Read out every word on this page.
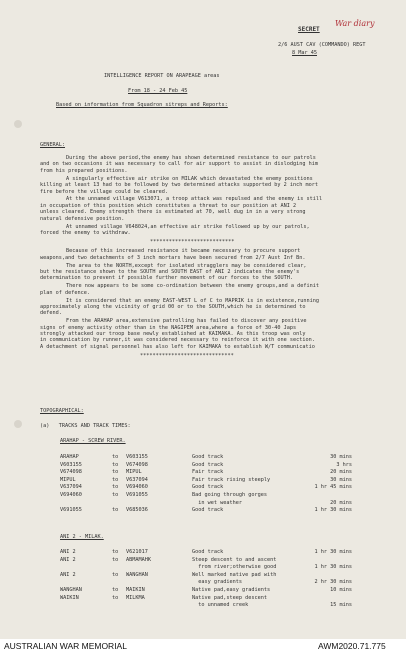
SECRET
War diary
2/6 AUST CAV (COMMANDO) REGT
8 Mar 45
INTELLIGENCE REPORT ON ARAPEAGE areas
From 18 - 24 Feb 45
Based on information from Squadron sitreps and Reports:
GENERAL:
TOPOGRAPHICAL:
(a)   TRACKS AND TRACK TIMES:
ARAHAP - SCREW RIVER.
ANI 2 - MILAK.
During the above period,the enemy has shown determined resistance to our patrols
and on two occasions it was necessary to call for air support to assist in dislodging him
from his prepared positions.
A singularly effective air strike on MILAK which devastated the enemy positions
killing at least 13 had to be followed by two determined attacks supported by 2 inch mort
fire before the village could be cleared.
At the unnamed village V613071, a troop attack was repulsed and the enemy is still
in occupation of this position which constitutes a threat to our position at ANI 2
unless cleared. Enemy strength there is estimated at 70, well dug in in a very strong
natural defensive position.
At unnamed village V648024,an effective air strike followed up by our patrols,
forced the enemy to withdraw.
***************************
Because of this increased resistance it became necessary to procure support
weapons,and two detachments of 3 inch mortars have been secured from 2/7 Aust Inf Bn.
The area to the NORTH,except for isolated stragglers may be considered clear,
but the resistance shown to the SOUTH and SOUTH EAST of ANI 2 indicates the enemy's
determination to prevent if possible further movement of our forces to the SOUTH.
There now appears to be some co-ordination between the enemy groups,and a definit
plan of defence.
It is considered that an enemy EAST-WEST L of C to MAPRIK is in existence,running
approximately along the vicinity of grid 00 or to the SOUTH,which he is determined to
defend.
From the ARAHAP area,extensive patrolling has failed to discover any positive
signs of enemy activity other than in the NAGIPEM area,where a force of 30-40 Japs
strongly attacked our troop base newly established at KAIMAKA. As this troop was only
in communication by runner,it was considered necessary to reinforce it with one section.
A detachment of signal personnel has also left for KAIMAKA to establish W/T communicatio
******************************
ARAHAP	to V603155	Good track	30 mins
V603155	to V674098	Good track	3 hrs
V674098	to MIPUL	Fair track	20 mins
MIPUL	to V637094	Fair track rising steeply	30 mins
V637094	to V694060	Good track	1 hr 45 mins
V694060	to V691055	Bad going through gorges
in wet weather	20 mins
V691055	to V685036	Good track	1 hr 30 mins
ANI 2	to V621017	Good track	1 hr 30 mins
ANI 2	to ABMAMAHK	Steep descent to and ascent
from river;otherwise good	1 hr 30 mins
ANI 2	to WANGHAN	Well marked native pad with
easy gradients	2 hr 30 mins
WANGHAN	to MAIKIN	Native pad,easy gradients	10 mins
WAIKIN	to MILKMA	Native pad,steep descent
to unnamed creek	15 mins
AUSTRALIAN WAR MEMORIAL	AWM2020.71.775
